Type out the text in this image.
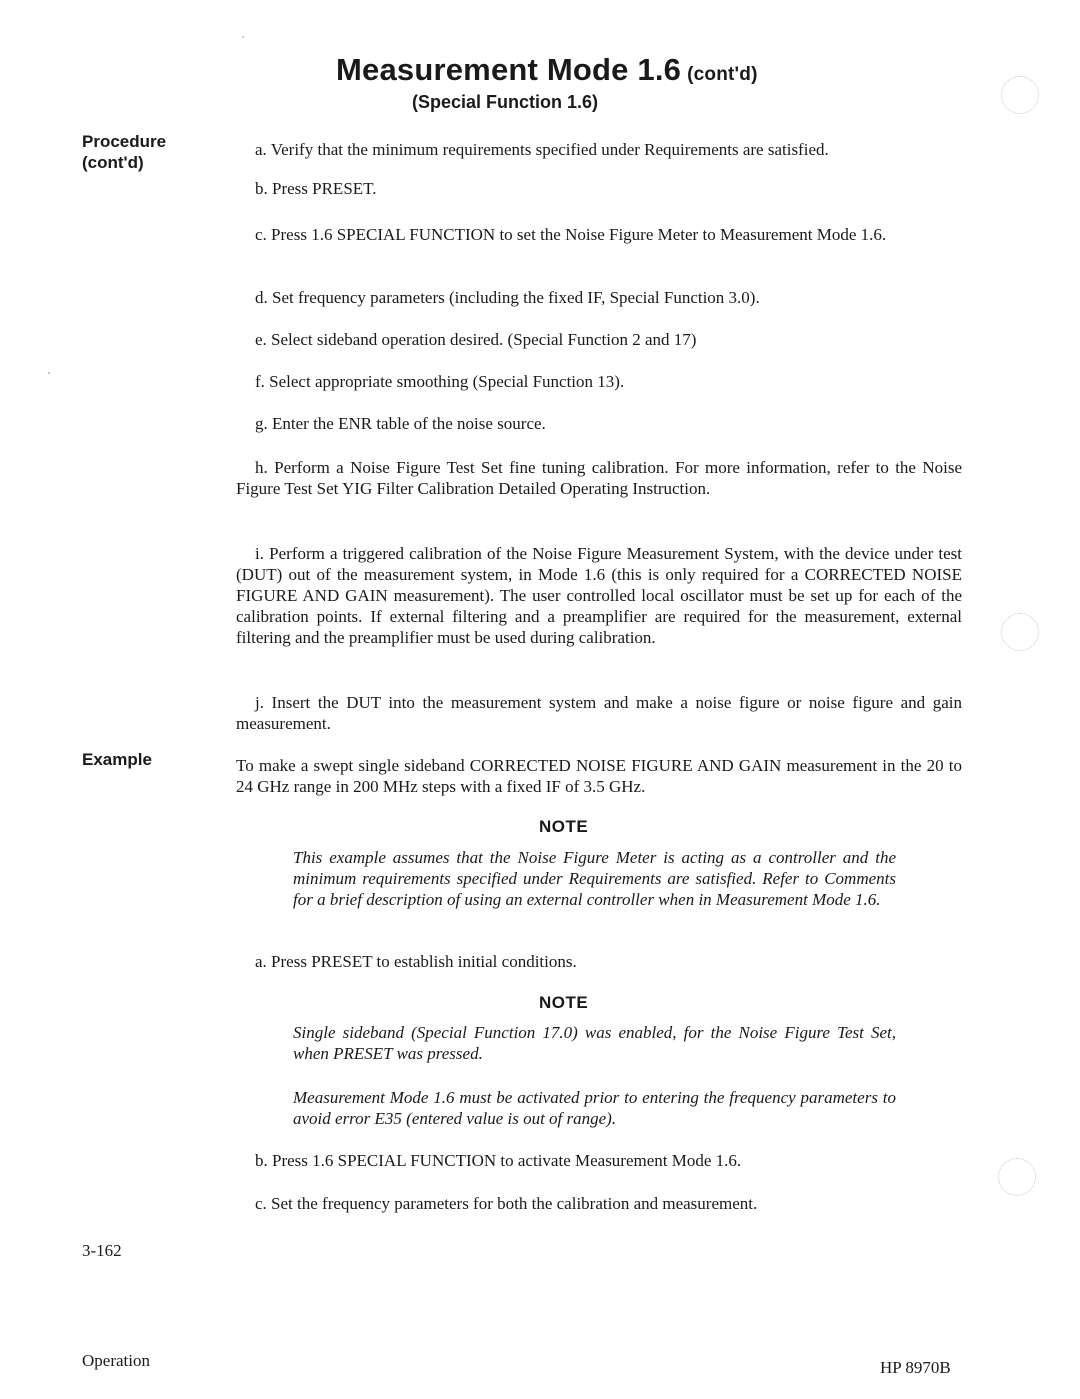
Measurement Mode 1.6 (cont'd)
(Special Function 1.6)
Procedure
(cont'd)
a. Verify that the minimum requirements specified under Requirements are satisfied.
b. Press PRESET.
c. Press 1.6 SPECIAL FUNCTION to set the Noise Figure Meter to Measurement Mode 1.6.
d. Set frequency parameters (including the fixed IF, Special Function 3.0).
e. Select sideband operation desired. (Special Function 2 and 17)
f. Select appropriate smoothing (Special Function 13).
g. Enter the ENR table of the noise source.
h. Perform a Noise Figure Test Set fine tuning calibration. For more information, refer to the Noise Figure Test Set YIG Filter Calibration Detailed Operating Instruction.
i. Perform a triggered calibration of the Noise Figure Measurement System, with the device under test (DUT) out of the measurement system, in Mode 1.6 (this is only required for a CORRECTED NOISE FIGURE AND GAIN measurement). The user controlled local oscillator must be set up for each of the calibration points. If external filtering and a preamplifier are required for the measurement, external filtering and the preamplifier must be used during calibration.
j. Insert the DUT into the measurement system and make a noise figure or noise figure and gain measurement.
Example	To make a swept single sideband CORRECTED NOISE FIGURE AND GAIN measurement in the 20 to 24 GHz range in 200 MHz steps with a fixed IF of 3.5 GHz.
NOTE
This example assumes that the Noise Figure Meter is acting as a controller and the minimum requirements specified under Requirements are satisfied. Refer to Comments for a brief description of using an external controller when in Measurement Mode 1.6.
a. Press PRESET to establish initial conditions.
NOTE
Single sideband (Special Function 17.0) was enabled, for the Noise Figure Test Set, when PRESET was pressed.
Measurement Mode 1.6 must be activated prior to entering the frequency parameters to avoid error E35 (entered value is out of range).
b. Press 1.6 SPECIAL FUNCTION to activate Measurement Mode 1.6.
c. Set the frequency parameters for both the calibration and measurement.
3-162
Operation	HP 8970B
